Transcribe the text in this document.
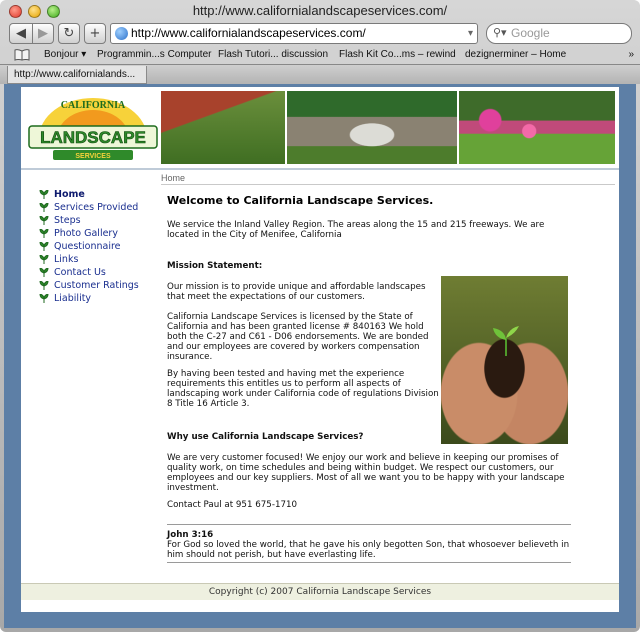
http://www.californialandscapeservices.com/
◀ ▶	↻	+	http://www.californialandscapeservices.com/	▾ ⚲▾ Google
Bonjour ▾ Programmin...s Computer Flash Tutori... discussion Flash Kit Co...ms – rewind dezignerminer – Home	»
http://www.californialands...
CALIFORNIA
LANDSCAPE
SERVICES
Home
Home
Services Provided
Steps
Photo Gallery
Questionnaire
Links
Contact Us
Customer Ratings
Liability
Welcome to California Landscape Services.
We service the Inland Valley Region. The areas along the 15 and 215 freeways. We are
located in the City of Menifee, California
Mission Statement:
Our mission is to provide unique and affordable landscapes
that meet the expectations of our customers.
California Landscape Services is licensed by the State of
California and has been granted license # 840163 We hold
both the C-27 and C61 - D06 endorsements. We are bonded
and our employees are covered by workers compensation
insurance.
By having been tested and having met the experience
requirements this entitles us to perform all aspects of
landscaping work under California code of regulations Division
8 Title 16 Article 3.
Why use California Landscape Services?
We are very customer focused! We enjoy our work and believe in keeping our promises of
quality work, on time schedules and being within budget. We respect our customers, our
employees and our key suppliers. Most of all we want you to be happy with your landscape
investment.
Contact Paul at 951 675-1710
John 3:16
For God so loved the world, that he gave his only begotten Son, that whosoever believeth in
him should not perish, but have everlasting life.
Copyright (c) 2007 California Landscape Services
